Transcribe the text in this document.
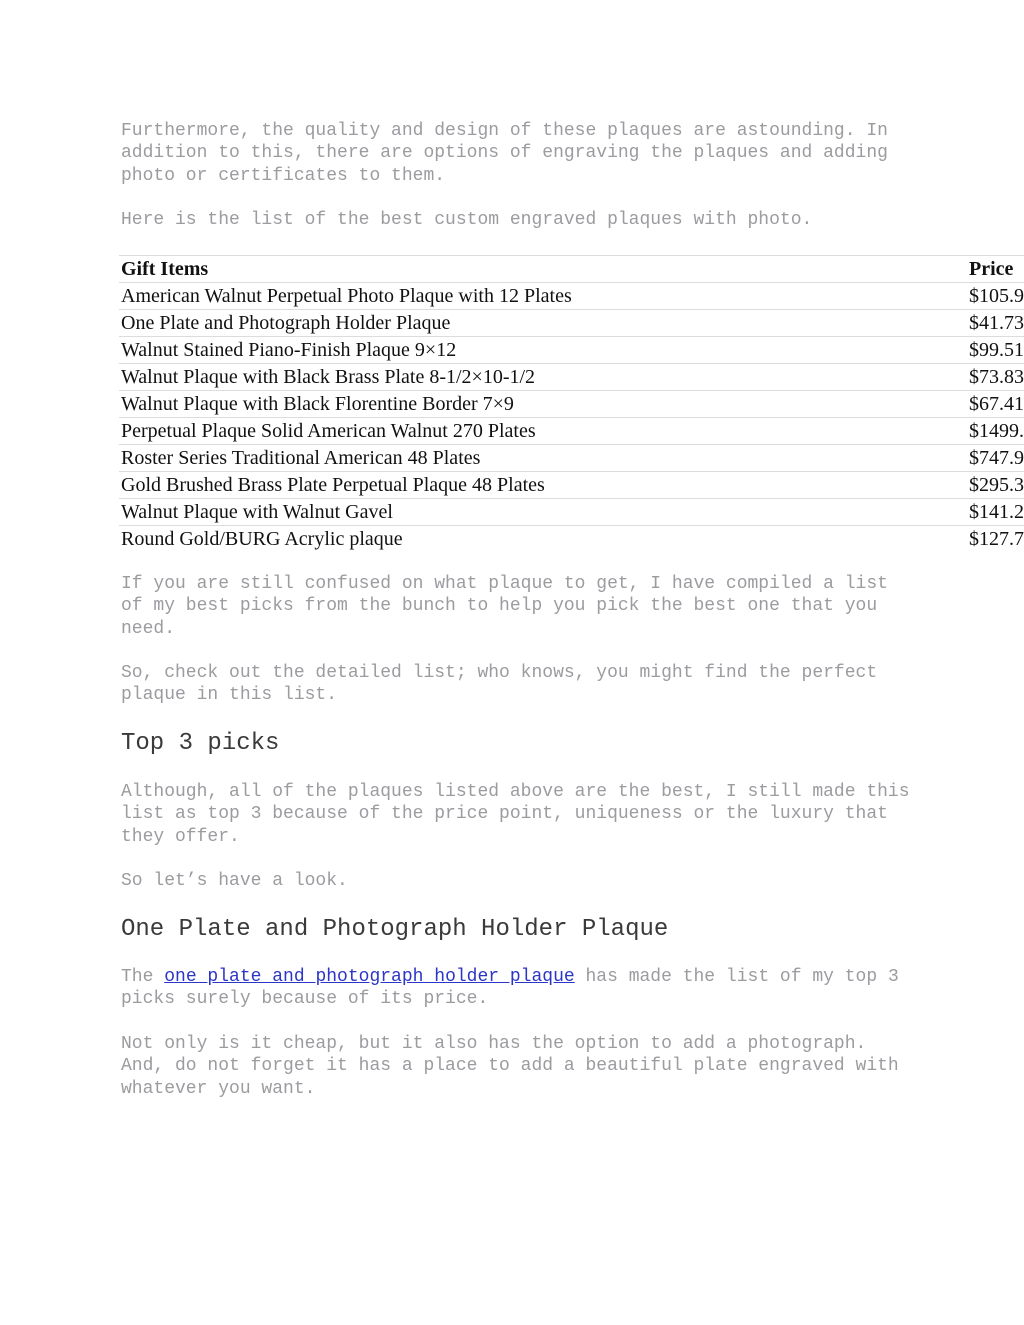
Furthermore, the quality and design of these plaques are astounding. In addition to this, there are options of engraving the plaques and adding photo or certificates to them.

Here is the list of the best custom engraved plaques with photo.

Gift Items	Price
American Walnut Perpetual Photo Plaque with 12 Plates	$105.9
One Plate and Photograph Holder Plaque	$41.73
Walnut Stained Piano-Finish Plaque 9×12	$99.51
Walnut Plaque with Black Brass Plate 8-1/2×10-1/2	$73.83
Walnut Plaque with Black Florentine Border 7×9	$67.41
Perpetual Plaque Solid American Walnut 270 Plates	$1499.
Roster Series Traditional American 48 Plates	$747.9
Gold Brushed Brass Plate Perpetual Plaque 48 Plates	$295.3
Walnut Plaque with Walnut Gavel	$141.2
Round Gold/BURG Acrylic plaque	$127.7

If you are still confused on what plaque to get, I have compiled a list of my best picks from the bunch to help you pick the best one that you need.

So, check out the detailed list; who knows, you might find the perfect plaque in this list.

Top 3 picks

Although, all of the plaques listed above are the best, I still made this list as top 3 because of the price point, uniqueness or the luxury that they offer.

So let’s have a look.

One Plate and Photograph Holder Plaque

The one plate and photograph holder plaque has made the list of my top 3 picks surely because of its price.

Not only is it cheap, but it also has the option to add a photograph. And, do not forget it has a place to add a beautiful plate engraved with whatever you want.
